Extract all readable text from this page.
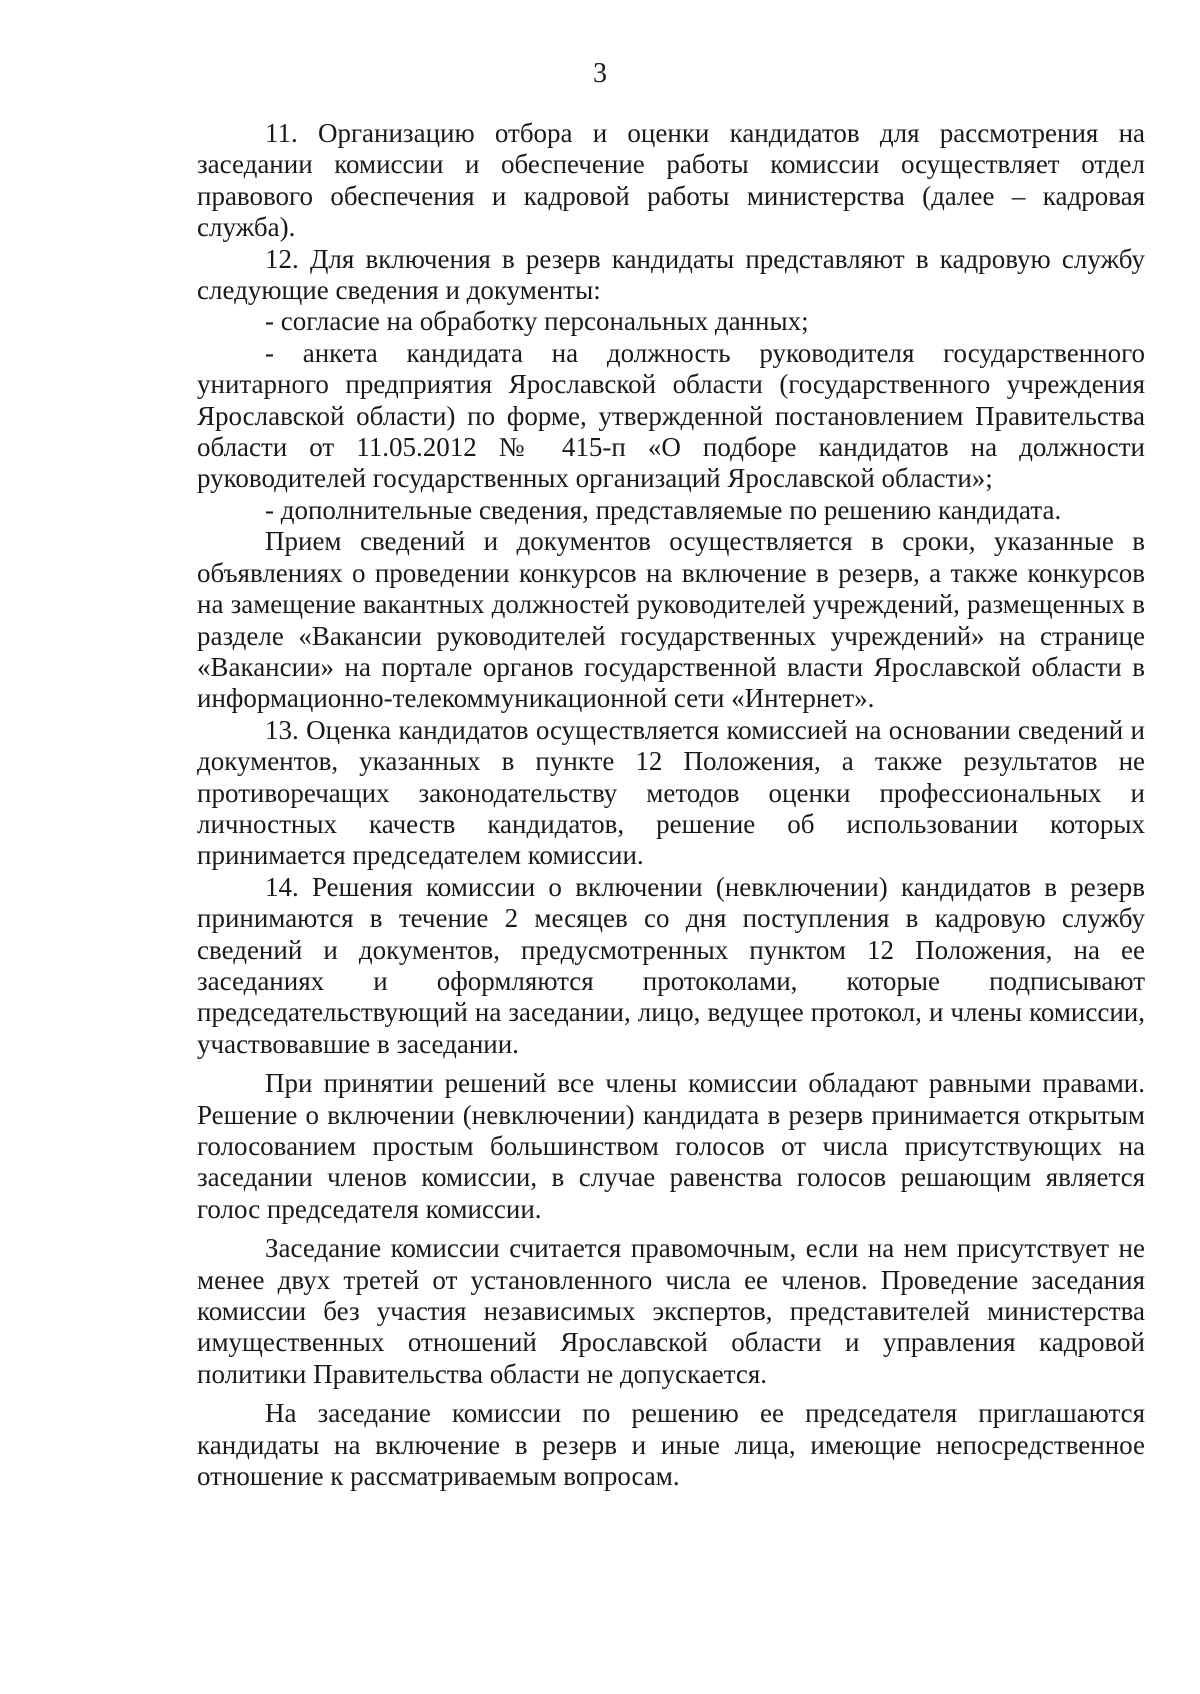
3

11. Организацию отбора и оценки кандидатов для рассмотрения на заседании комиссии и обеспечение работы комиссии осуществляет отдел правового обеспечения и кадровой работы министерства (далее – кадровая служба).

12. Для включения в резерв кандидаты представляют в кадровую службу следующие сведения и документы:

- согласие на обработку персональных данных;

- анкета кандидата на должность руководителя государственного унитарного предприятия Ярославской области (государственного учреждения Ярославской области) по форме, утвержденной постановлением Правительства области от 11.05.2012 № 415-п «О подборе кандидатов на должности руководителей государственных организаций Ярославской области»;

- дополнительные сведения, представляемые по решению кандидата.

Прием сведений и документов осуществляется в сроки, указанные в объявлениях о проведении конкурсов на включение в резерв, а также конкурсов на замещение вакантных должностей руководителей учреждений, размещенных в разделе «Вакансии руководителей государственных учреждений» на странице «Вакансии» на портале органов государственной власти Ярославской области в информационно-телекоммуникационной сети «Интернет».

13. Оценка кандидатов осуществляется комиссией на основании сведений и документов, указанных в пункте 12 Положения, а также результатов не противоречащих законодательству методов оценки профессиональных и личностных качеств кандидатов, решение об использовании которых принимается председателем комиссии.

14. Решения комиссии о включении (невключении) кандидатов в резерв принимаются в течение 2 месяцев со дня поступления в кадровую службу сведений и документов, предусмотренных пунктом 12 Положения, на ее заседаниях и оформляются протоколами, которые подписывают председательствующий на заседании, лицо, ведущее протокол, и члены комиссии, участвовавшие в заседании.

При принятии решений все члены комиссии обладают равными правами. Решение о включении (невключении) кандидата в резерв принимается открытым голосованием простым большинством голосов от числа присутствующих на заседании членов комиссии, в случае равенства голосов решающим является голос председателя комиссии.

Заседание комиссии считается правомочным, если на нем присутствует не менее двух третей от установленного числа ее членов. Проведение заседания комиссии без участия независимых экспертов, представителей министерства имущественных отношений Ярославской области и управления кадровой политики Правительства области не допускается.

На заседание комиссии по решению ее председателя приглашаются кандидаты на включение в резерв и иные лица, имеющие непосредственное отношение к рассматриваемым вопросам.
